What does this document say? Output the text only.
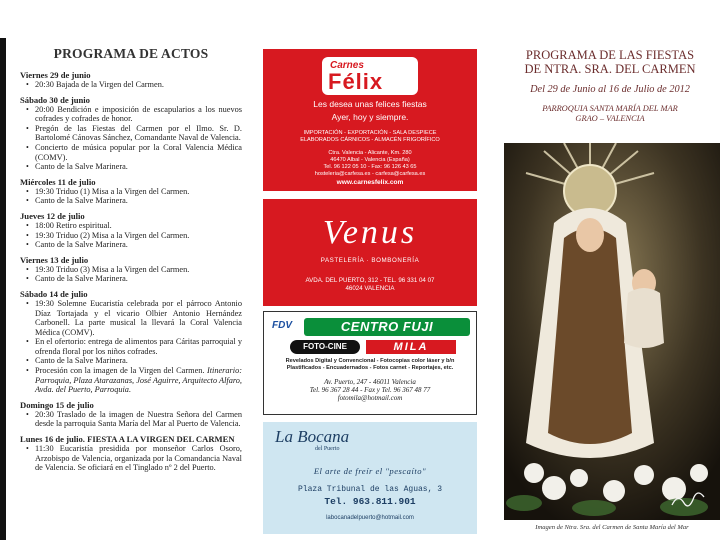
PROGRAMA DE ACTOS
Viernes 29 de junio
• 20:30 Bajada de la Virgen del Carmen.
Sábado 30 de junio
• 20:00 Bendición e imposición de escapularios a los nuevos cofrades y cofrades de honor.
• Pregón de las Fiestas del Carmen por el Ilmo. Sr. D. Bartolomé Cánovas Sánchez, Comandante Naval de Valencia.
• Concierto de música popular por la Coral Valencia Médica (COMV).
• Canto de la Salve Marinera.
Miércoles 11 de julio
• 19:30 Triduo (1) Misa a la Virgen del Carmen.
• Canto de la Salve Marinera.
Jueves 12 de julio
• 18:00 Retiro espiritual.
• 19:30 Triduo (2) Misa a la Virgen del Carmen.
• Canto de la Salve Marinera.
Viernes 13 de julio
• 19:30 Triduo (3) Misa a la Virgen del Carmen.
• Canto de la Salve Marinera.
Sábado 14 de julio
• 19:30 Solemne Eucaristía celebrada por el párroco Antonio Díaz Tortajada y el vicario Olbier Antonio Hernández Carbonell. La parte musical la llevará la Coral Valencia Médica (COMV).
• En el ofertorio: entrega de alimentos para Cáritas parroquial y ofrenda floral por los niños cofrades.
• Canto de la Salve Marinera.
• Procesión con la imagen de la Virgen del Carmen. Itinerario: Parroquia, Plaza Atarazanas, José Aguirre, Arquitecto Alfaro, Avda. del Puerto, Parroquia.
Domingo 15 de julio
• 20:30 Traslado de la imagen de Nuestra Señora del Carmen desde la parroquia Santa María del Mar al Puerto de Valencia.
Lunes 16 de julio. FIESTA A LA VIRGEN DEL CARMEN
• 11:30 Eucaristía presidida por monseñor Carlos Osoro, Arzobispo de Valencia, organizada por la Comandancia Naval de Valencia. Se oficiará en el Tinglado nº 2 del Puerto.
Carnes
Félix
Les desea unas felices fiestas
Ayer, hoy y siempre.
IMPORTACIÓN - EXPORTACIÓN - SALA DESPIECE
ELABORADOS CÁRNICOS - ALMACÉN FRIGORÍFICO
Ctra. Valencia - Alicante, Km. 280
46470 Albal - Valencia (España)
Tel. 96 122 05 10 - Fax: 96 126 43 65
hosteleria@carfesa.es - carfesa@carfesa.es
www.carnesfelix.com
Venus
PASTELERÍA · BOMBONERÍA
AVDA. DEL PUERTO, 312 - TEL. 96 331 04 07
46024 VALENCIA
FDV	CENTRO FUJI
FOTO-CINE	MILA
Revelados Digital y Convencional - Fotocopias color láser y b/n
Plastificados - Encuadernados - Fotos carnet - Reportajes, etc.
Av. Puerto, 247 - 46011 Valencia
Tel. 96 367 28 44 - Fax y Tel. 96 367 48 77
fotomila@hotmail.com
La Bocana
del Puerto
El arte de freír el "pescaíto"
Plaza Tribunal de las Aguas, 3
Tel. 963.811.901
labocanadelpuerto@hotmail.com
PROGRAMA DE LAS FIESTAS
DE NTRA. SRA. DEL CARMEN
Del 29 de Junio al 16 de Julio de 2012
PARROQUIA SANTA MARÍA DEL MAR
GRAO – VALENCIA
Imagen de Ntra. Sra. del Carmen de Santa María del Mar
